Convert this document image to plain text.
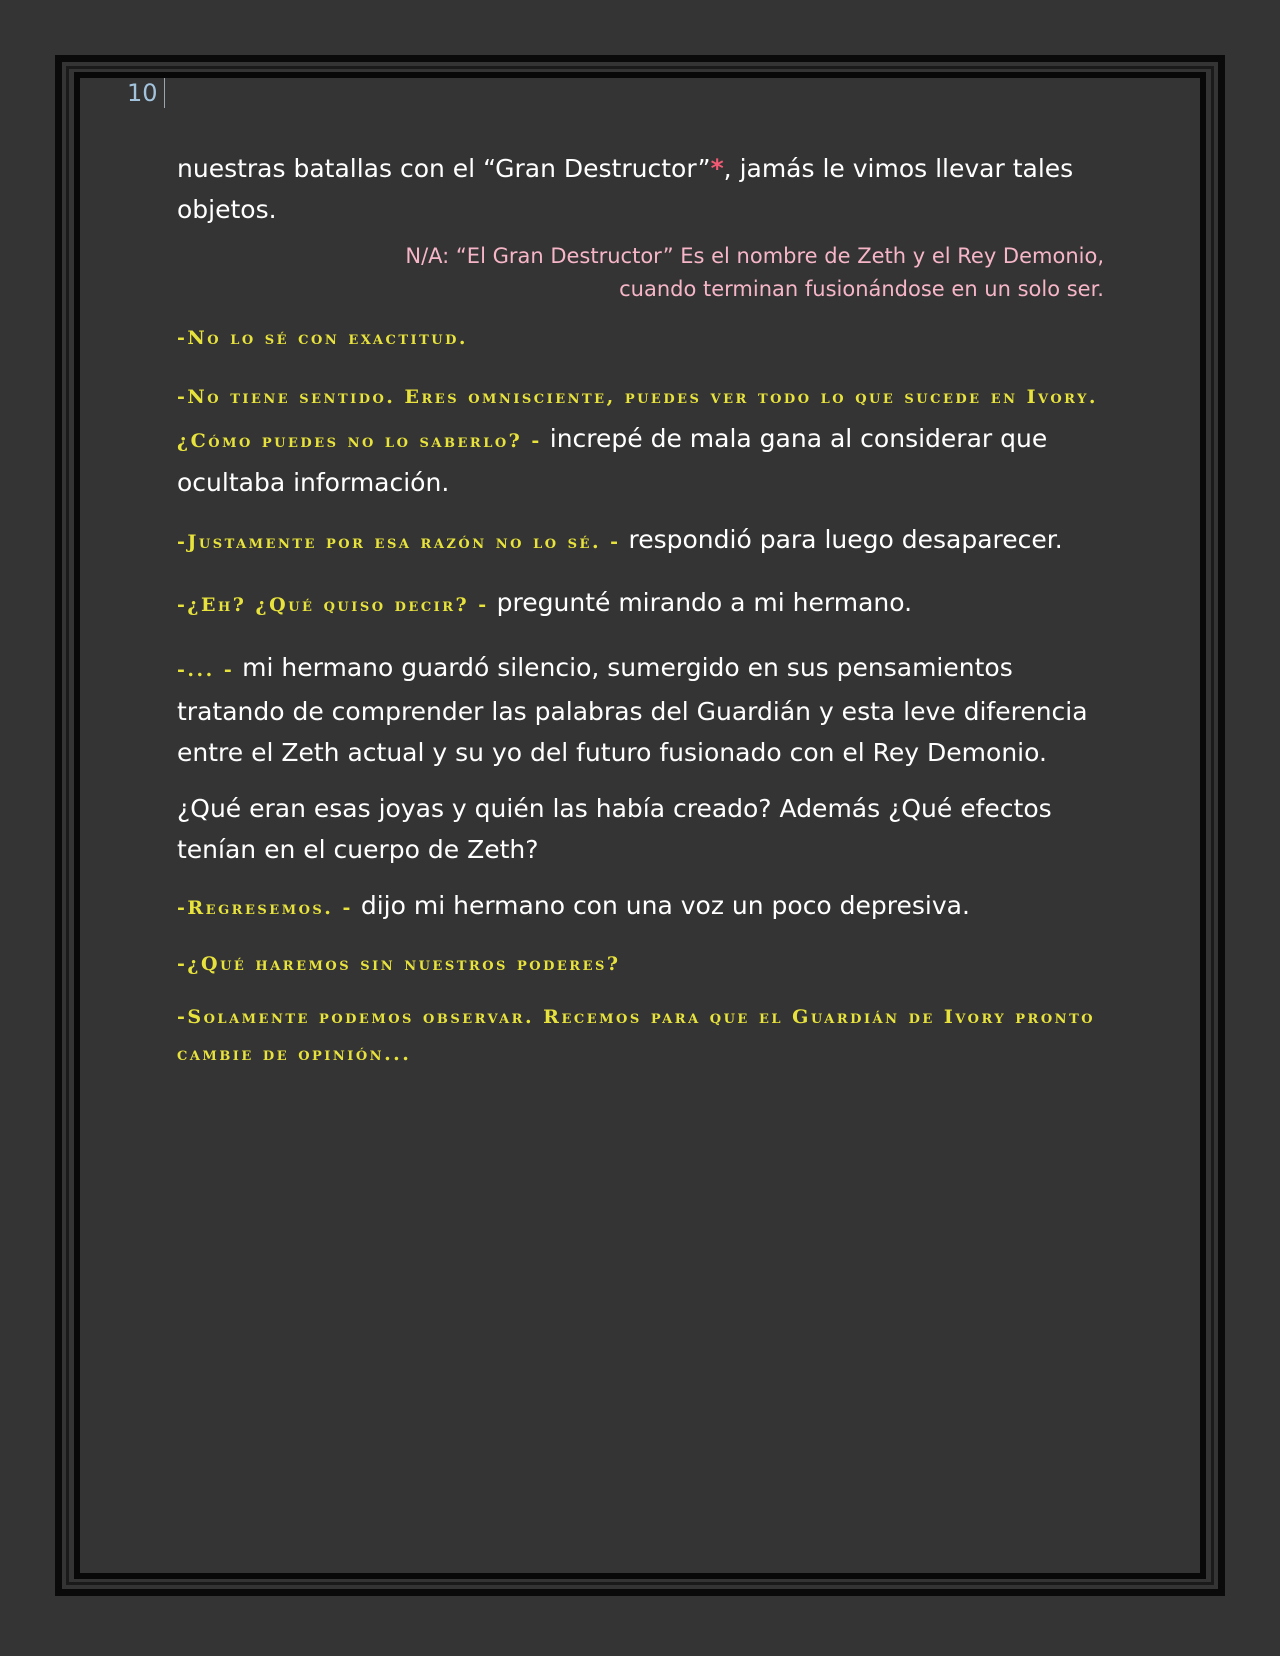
10

nuestras batallas con el “Gran Destructor”*, jamás le vimos llevar tales objetos.

N/A: “El Gran Destructor” Es el nombre de Zeth y el Rey Demonio,

cuando terminan fusionándose en un solo ser.

-No lo sé con exactitud.

-No tiene sentido. Eres omnisciente, puedes ver todo lo que sucede en Ivory. ¿Cómo puedes no lo saberlo? - increpé de mala gana al considerar que ocultaba información.

-Justamente por esa razón no lo sé. - respondió para luego desaparecer.

-¿Eh? ¿Qué quiso decir? - pregunté mirando a mi hermano.

-... - mi hermano guardó silencio, sumergido en sus pensamientos tratando de comprender las palabras del Guardián y esta leve diferencia entre el Zeth actual y su yo del futuro fusionado con el Rey Demonio.

¿Qué eran esas joyas y quién las había creado? Además ¿Qué efectos tenían en el cuerpo de Zeth?

-Regresemos. - dijo mi hermano con una voz un poco depresiva.

-¿Qué haremos sin nuestros poderes?

-Solamente podemos observar. Recemos para que el Guardián de Ivory pronto cambie de opinión...
